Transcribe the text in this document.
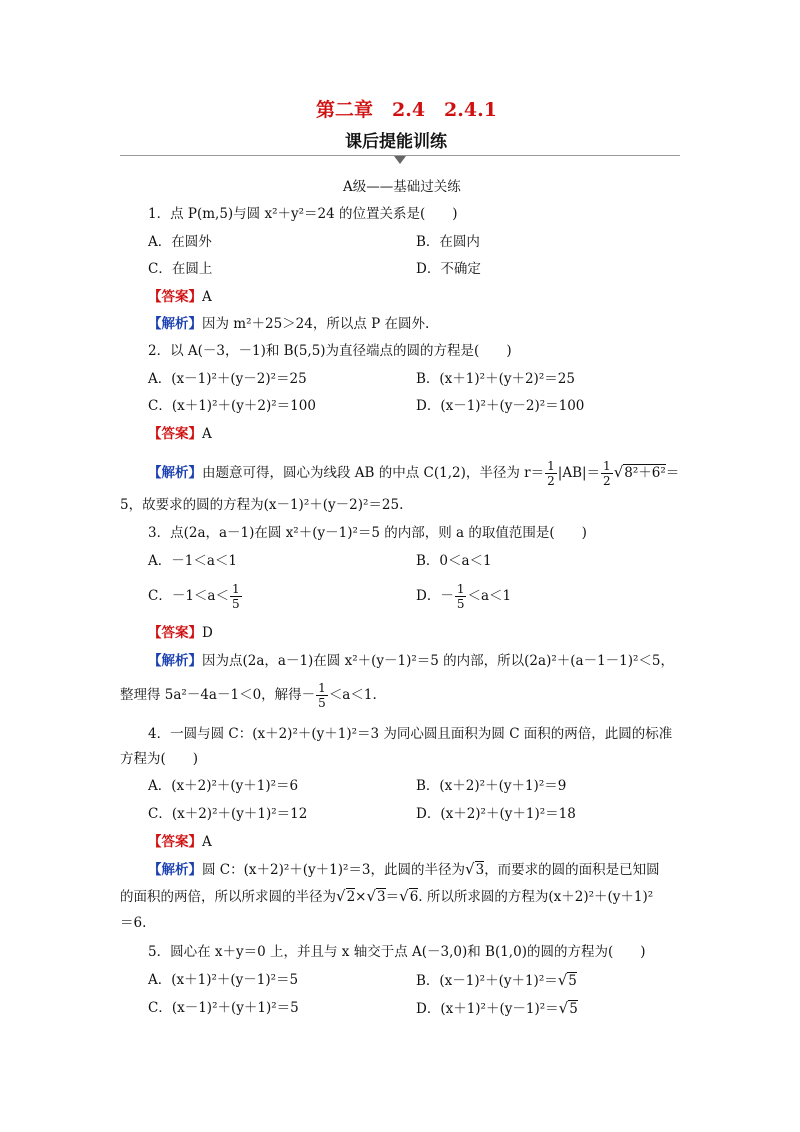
第二章　2.4　2.4.1
课后提能训练
A级——基础过关练
1．点 P(m,5)与圆 x²＋y²＝24 的位置关系是(　　)
A．在圆外	B．在圆内
C．在圆上	D．不确定
【答案】A
【解析】因为 m²＋25＞24，所以点 P 在圆外.
2．以 A(－3，－1)和 B(5,5)为直径端点的圆的方程是(　　)
A．(x－1)²＋(y－2)²＝25	B．(x＋1)²＋(y＋2)²＝25
C．(x＋1)²＋(y＋2)²＝100	D．(x－1)²＋(y－2)²＝100
【答案】A
【解析】由题意可得，圆心为线段 AB 的中点 C(1,2)，半径为 $r= \frac{1}{2} |AB|= \frac{1}{2} √8^2+6^2=$
5，故要求的圆的方程为(x－1)²＋(y－2)²＝25.
3．点(2a，a－1)在圆 x²＋(y－1)²＝5 的内部，则 a 的取值范围是(　　)
A．－1＜a＜1	B．0＜a＜1
C．$-1<a< \frac{1}{5}$	D．－ $\frac{1}{5} <a<1$
【答案】D
【解析】因为点(2a，a－1)在圆 x²＋(y－1)²＝5 的内部，所以(2a)²＋(a－1－1)²＜5，
整理得 5a²－4a－1＜0，解得－ $\frac{1}{5} <a<1$.
4．一圆与圆 C：(x＋2)²＋(y＋1)²＝3 为同心圆且面积为圆 C 面积的两倍，此圆的标准
方程为(　　)
A．(x＋2)²＋(y＋1)²＝6	B．(x＋2)²＋(y＋1)²＝9
C．(x＋2)²＋(y＋1)²＝12	D．(x＋2)²＋(y＋1)²＝18
【答案】A
【解析】圆 C：(x＋2)²＋(y＋1)²＝3，此圆的半径为√3，而要求的圆的面积是已知圆
的面积的两倍，所以所求圆的半径为√2×√3＝√6. 所以所求圆的方程为(x＋2)²＋(y＋1)²
＝6.
5．圆心在 x＋y＝0 上，并且与 x 轴交于点 A(－3,0)和 B(1,0)的圆的方程为(　　)
A．(x＋1)²＋(y－1)²＝5	B．(x－1)²＋(y＋1)²＝√5
C．(x－1)²＋(y＋1)²＝5	D．(x＋1)²＋(y－1)²＝√5
